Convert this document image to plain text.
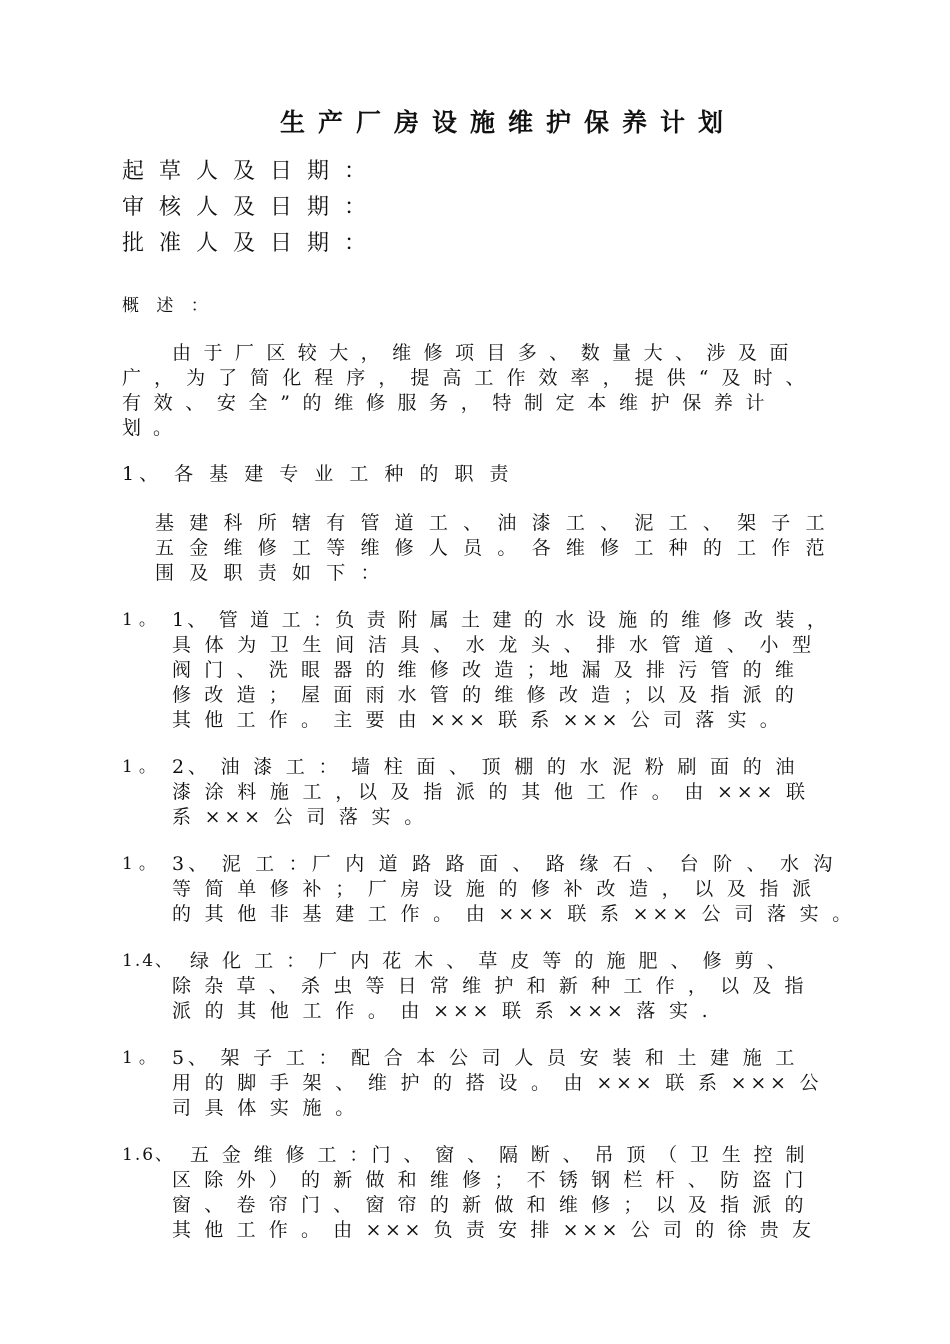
生产厂房设施维护保养计划
起草人及日期：
审核人及日期：
批准人及日期：
概 述 ：
由 于 厂 区 较 大 ， 维 修 项 目 多 、 数 量 大 、 涉 及 面
广 ， 为 了 简 化 程 序 ， 提 高 工 作 效 率 ， 提 供 “ 及 时 、
有 效 、 安 全 ” 的 维 修 服 务 ， 特 制 定 本 维 护 保 养 计
划 。
1、 各 基 建 专 业 工 种 的 职 责
基 建 科 所 辖 有 管 道 工 、 油 漆 工 、 泥 工 、 架 子 工
五 金 维 修 工 等 维 修 人 员 。 各 维 修 工 种 的 工 作 范
围 及 职 责 如 下 ：
1。 1、 管 道 工 ：负 责 附 属 土 建 的 水 设 施 的 维 修 改 装 ，
具 体 为 卫 生 间 洁 具 、 水 龙 头 、 排 水 管 道 、 小 型
阀 门 、 洗 眼 器 的 维 修 改 造 ；地 漏 及 排 污 管 的 维
修 改 造 ； 屋 面 雨 水 管 的 维 修 改 造 ；以 及 指 派 的
其 他 工 作 。 主 要 由 ××× 联 系 ××× 公 司 落 实 。
1。 2、 油 漆 工 ： 墙 柱 面 、 顶 棚 的 水 泥 粉 刷 面 的 油
漆 涂 料 施 工 ，以 及 指 派 的 其 他 工 作 。 由 ××× 联
系 ××× 公 司 落 实 。
1。 3、 泥 工 ：厂 内 道 路 路 面 、 路 缘 石 、 台 阶 、 水 沟
等 简 单 修 补 ； 厂 房 设 施 的 修 补 改 造 ， 以 及 指 派
的 其 他 非 基 建 工 作 。 由 ××× 联 系 ××× 公 司 落 实 。
1.4、 绿 化 工 ： 厂 内 花 木 、 草 皮 等 的 施 肥 、 修 剪 、
除 杂 草 、 杀 虫 等 日 常 维 护 和 新 种 工 作 ， 以 及 指
派 的 其 他 工 作 。 由 ××× 联 系 ××× 落 实 .
1。 5、 架 子 工 ： 配 合 本 公 司 人 员 安 装 和 土 建 施 工
用 的 脚 手 架 、 维 护 的 搭 设 。 由 ××× 联 系 ××× 公
司 具 体 实 施 。
1.6、 五 金 维 修 工 ：门 、 窗 、 隔 断 、 吊 顶 （ 卫 生 控 制
区 除 外 ） 的 新 做 和 维 修 ； 不 锈 钢 栏 杆 、 防 盗 门
窗 、 卷 帘 门 、 窗 帘 的 新 做 和 维 修 ； 以 及 指 派 的
其 他 工 作 。 由 ××× 负 责 安 排 ××× 公 司 的 徐 贵 友
